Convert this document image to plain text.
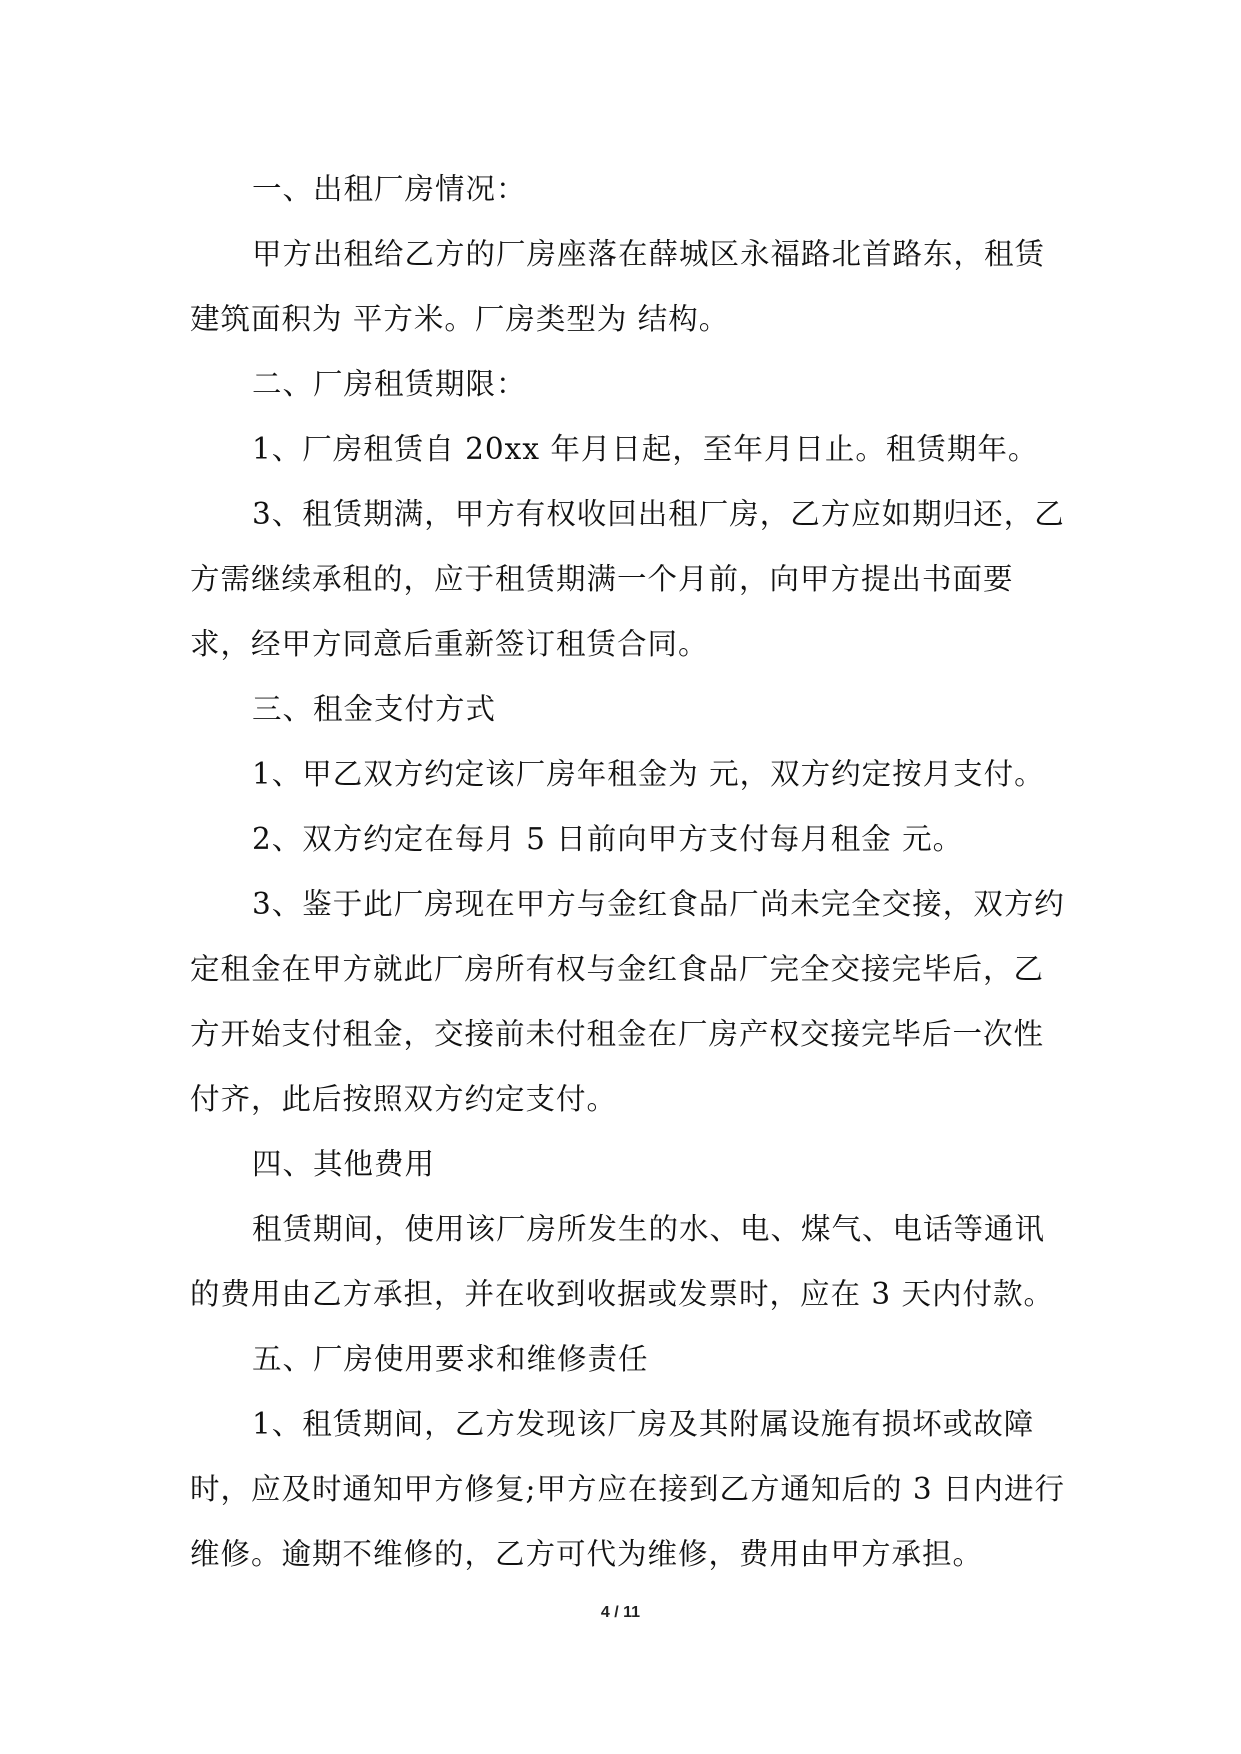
一、出租厂房情况：

甲方出租给乙方的厂房座落在薛城区永福路北首路东，租赁建筑面积为 平方米。厂房类型为 结构。

二、厂房租赁期限：

1、厂房租赁自 20xx 年月日起，至年月日止。租赁期年。

3、租赁期满，甲方有权收回出租厂房，乙方应如期归还，乙方需继续承租的，应于租赁期满一个月前，向甲方提出书面要求，经甲方同意后重新签订租赁合同。

三、租金支付方式

1、甲乙双方约定该厂房年租金为 元，双方约定按月支付。

2、双方约定在每月 5 日前向甲方支付每月租金 元。

3、鉴于此厂房现在甲方与金红食品厂尚未完全交接，双方约定租金在甲方就此厂房所有权与金红食品厂完全交接完毕后，乙方开始支付租金，交接前未付租金在厂房产权交接完毕后一次性付齐，此后按照双方约定支付。

四、其他费用

租赁期间，使用该厂房所发生的水、电、煤气、电话等通讯的费用由乙方承担，并在收到收据或发票时，应在 3 天内付款。

五、厂房使用要求和维修责任

1、租赁期间，乙方发现该厂房及其附属设施有损坏或故障时，应及时通知甲方修复;甲方应在接到乙方通知后的 3 日内进行维修。逾期不维修的，乙方可代为维修，费用由甲方承担。

4 / 11
